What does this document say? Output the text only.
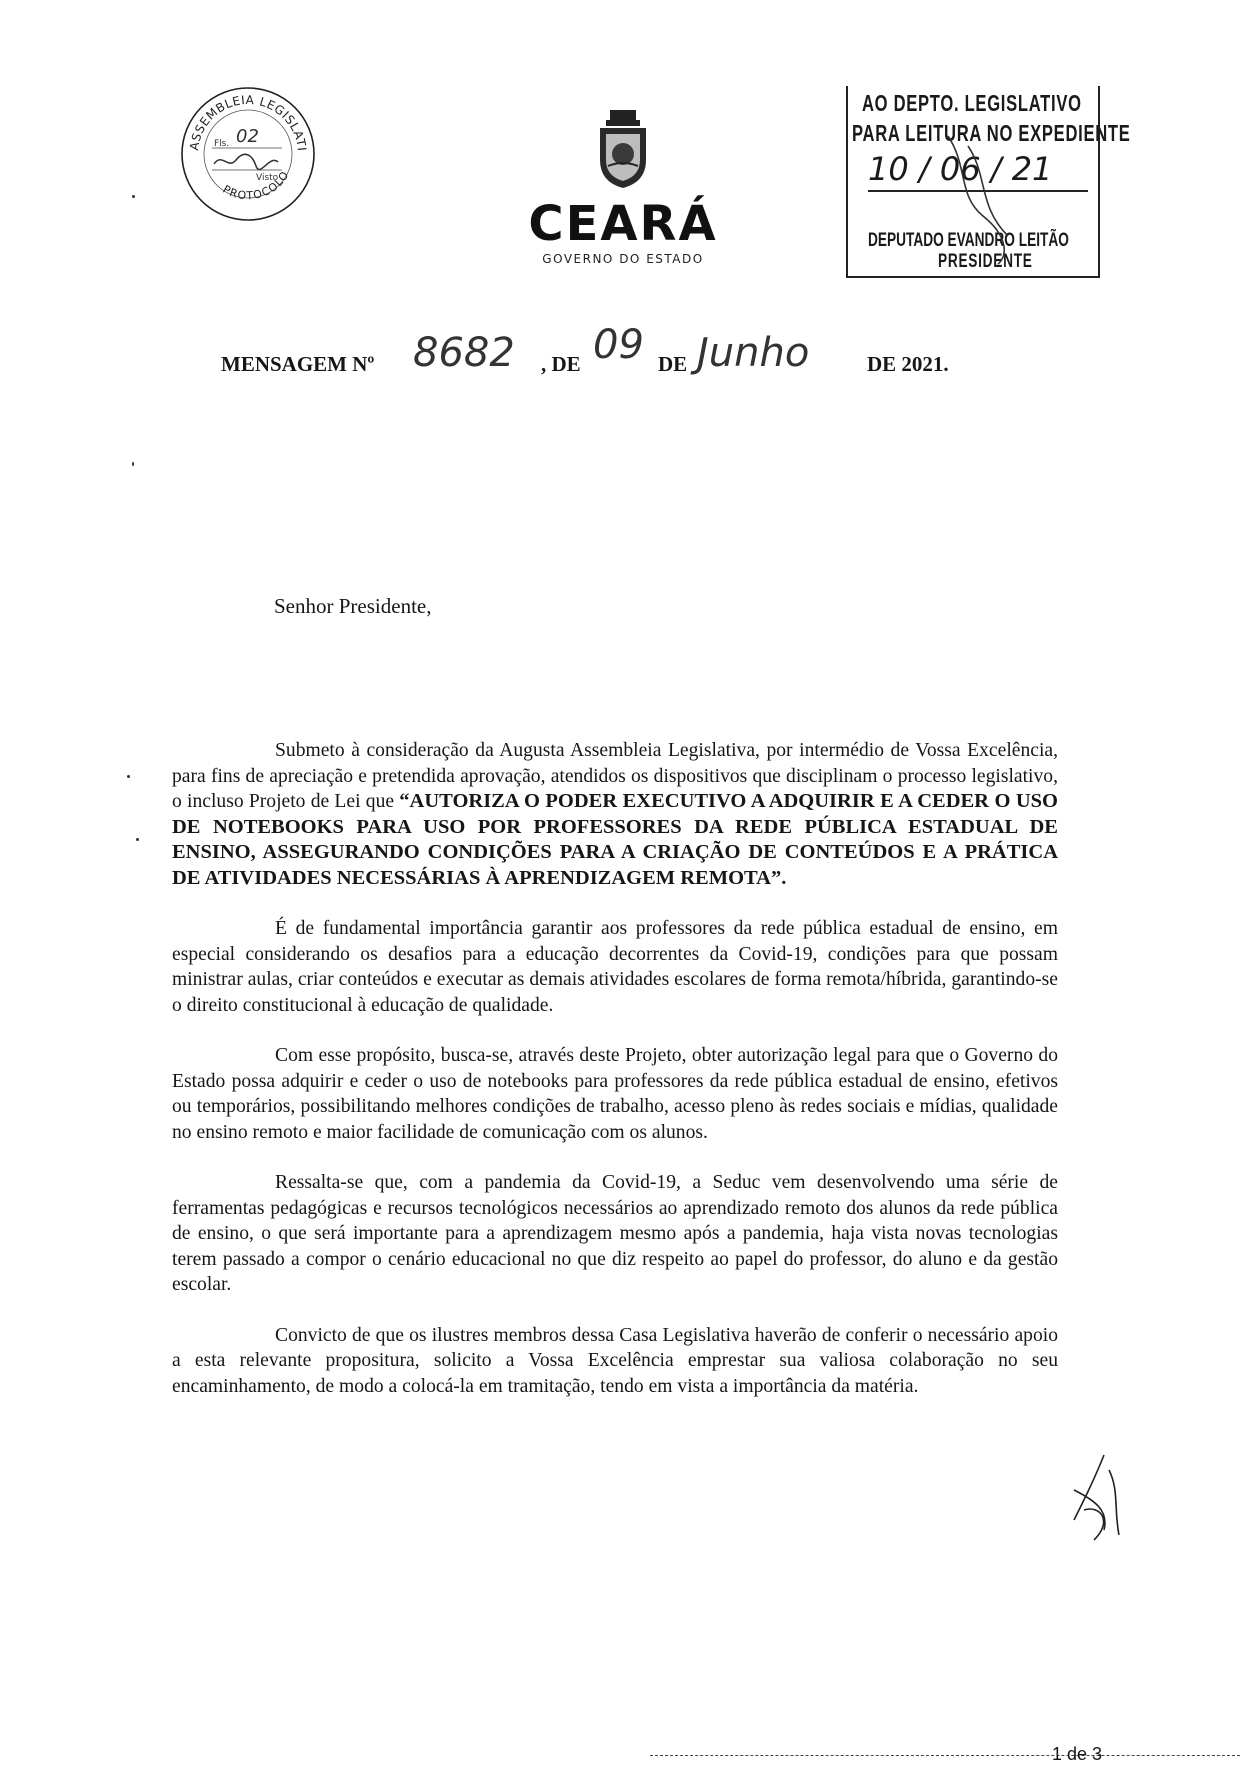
ASSEMBLEIA LEGISLATI
PROTOCOLO
Fls. 02
Visto
CEARÁ
GOVERNO DO ESTADO
AO DEPTO. LEGISLATIVO
PARA LEITURA NO EXPEDIENTE
10 / 06 / 21
DEPUTADO EVANDRO LEITÃO
PRESIDENTE
MENSAGEM Nº 8682 , DE 09 DE Junho	DE 2021.
Senhor Presidente,

Submeto à consideração da Augusta Assembleia Legislativa, por intermédio de Vossa Excelência, para fins de apreciação e pretendida aprovação, atendidos os dispositivos que disciplinam o processo legislativo, o incluso Projeto de Lei que “AUTORIZA O PODER EXECUTIVO A ADQUIRIR E A CEDER O USO DE NOTEBOOKS PARA USO POR PROFESSORES DA REDE PÚBLICA ESTADUAL DE ENSINO, ASSEGURANDO CONDIÇÕES PARA A CRIAÇÃO DE CONTEÚDOS E A PRÁTICA DE ATIVIDADES NECESSÁRIAS À APRENDIZAGEM REMOTA”.

É de fundamental importância garantir aos professores da rede pública estadual de ensino, em especial considerando os desafios para a educação decorrentes da Covid-19, condições para que possam ministrar aulas, criar conteúdos e executar as demais atividades escolares de forma remota/híbrida, garantindo-se o direito constitucional à educação de qualidade.

Com esse propósito, busca-se, através deste Projeto, obter autorização legal para que o Governo do Estado possa adquirir e ceder o uso de notebooks para professores da rede pública estadual de ensino, efetivos ou temporários, possibilitando melhores condições de trabalho, acesso pleno às redes sociais e mídias, qualidade no ensino remoto e maior facilidade de comunicação com os alunos.

Ressalta-se que, com a pandemia da Covid-19, a Seduc vem desenvolvendo uma série de ferramentas pedagógicas e recursos tecnológicos necessários ao aprendizado remoto dos alunos da rede pública de ensino, o que será importante para a aprendizagem mesmo após a pandemia, haja vista novas tecnologias terem passado a compor o cenário educacional no que diz respeito ao papel do professor, do aluno e da gestão escolar.

Convicto de que os ilustres membros dessa Casa Legislativa haverão de conferir o necessário apoio a esta relevante propositura, solicito a Vossa Excelência emprestar sua valiosa colaboração no seu encaminhamento, de modo a colocá-la em tramitação, tendo em vista a importância da matéria.

1 de 3
